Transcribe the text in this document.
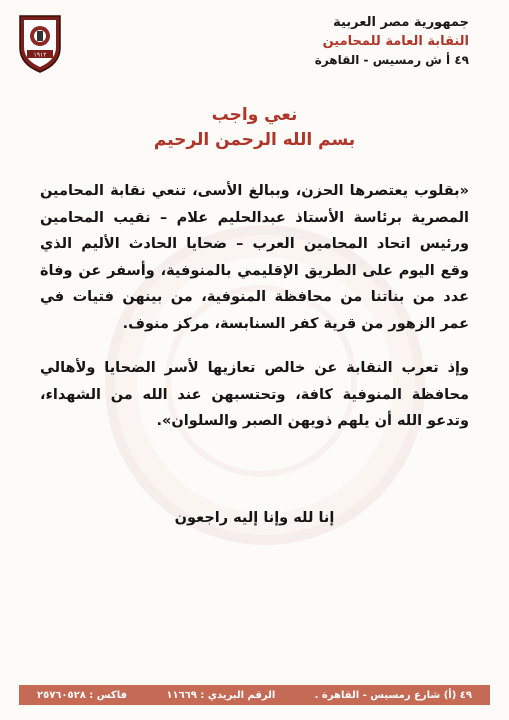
١٩١٢
جمهورية مصر العربية
النقابة العامة للمحامين
٤٩ أ ش رمسيس - القاهرة
نعي واجب
بسم الله الرحمن الرحيم

«بقلوب يعتصرها الحزن، وببالغ الأسى، تنعي نقابة المحامين المصرية برئاسة الأستاذ عبدالحليم علام – نقيب المحامين ورئيس اتحاد المحامين العرب – ضحايا الحادث الأليم الذي وقع اليوم على الطريق الإقليمي بالمنوفية، وأسفر عن وفاة عدد من بناتنا من محافظة المنوفية، من بينهن فتيات في عمر الزهور من قرية كفر السنابسة، مركز منوف.

وإذ تعرب النقابة عن خالص تعازيها لأسر الضحايا ولأهالي محافظة المنوفية كافة، وتحتسبهن عند الله من الشهداء، وتدعو الله أن يلهم ذويهن الصبر والسلوان».

إنا لله وإنا إليه راجعون
٤٩ (أ) شارع رمسيس - القاهرة .
الرقم البريدي : ١١٦٦٩
فاكس : ٢٥٧٦٠٥٢٨
